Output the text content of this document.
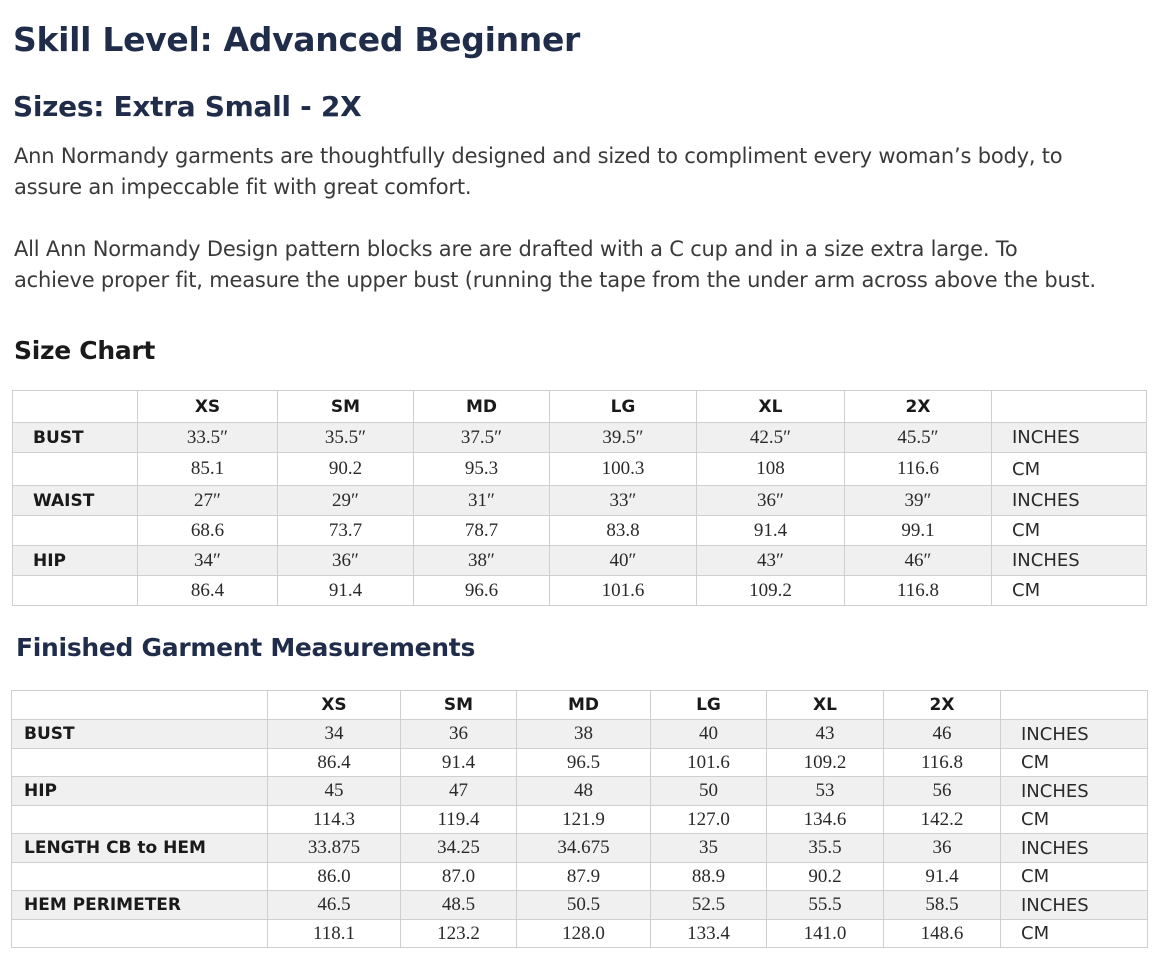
Skill Level: Advanced Beginner
Sizes: Extra Small - 2X
Ann Normandy garments are thoughtfully designed and sized to compliment every woman’s body, to
assure an impeccable fit with great comfort.
All Ann Normandy Design pattern blocks are are drafted with a C cup and in a size extra large. To
achieve proper fit, measure the upper bust (running the tape from the under arm across above the bust.
Size Chart
	XS	SM	MD	LG	XL	2X	
BUST	33.5″	35.5″	37.5″	39.5″	42.5″	45.5″	INCHES
	85.1	90.2	95.3	100.3	108	116.6	CM
WAIST	27″	29″	31″	33″	36″	39″	INCHES
	68.6	73.7	78.7	83.8	91.4	99.1	CM
HIP	34″	36″	38″	40″	43″	46″	INCHES
	86.4	91.4	96.6	101.6	109.2	116.8	CM
Finished Garment Measurements
	XS	SM	MD	LG	XL	2X	
BUST	34	36	38	40	43	46	INCHES
	86.4	91.4	96.5	101.6	109.2	116.8	CM
HIP	45	47	48	50	53	56	INCHES
	114.3	119.4	121.9	127.0	134.6	142.2	CM
LENGTH CB to HEM	33.875	34.25	34.675	35	35.5	36	INCHES
	86.0	87.0	87.9	88.9	90.2	91.4	CM
HEM PERIMETER	46.5	48.5	50.5	52.5	55.5	58.5	INCHES
	118.1	123.2	128.0	133.4	141.0	148.6	CM
